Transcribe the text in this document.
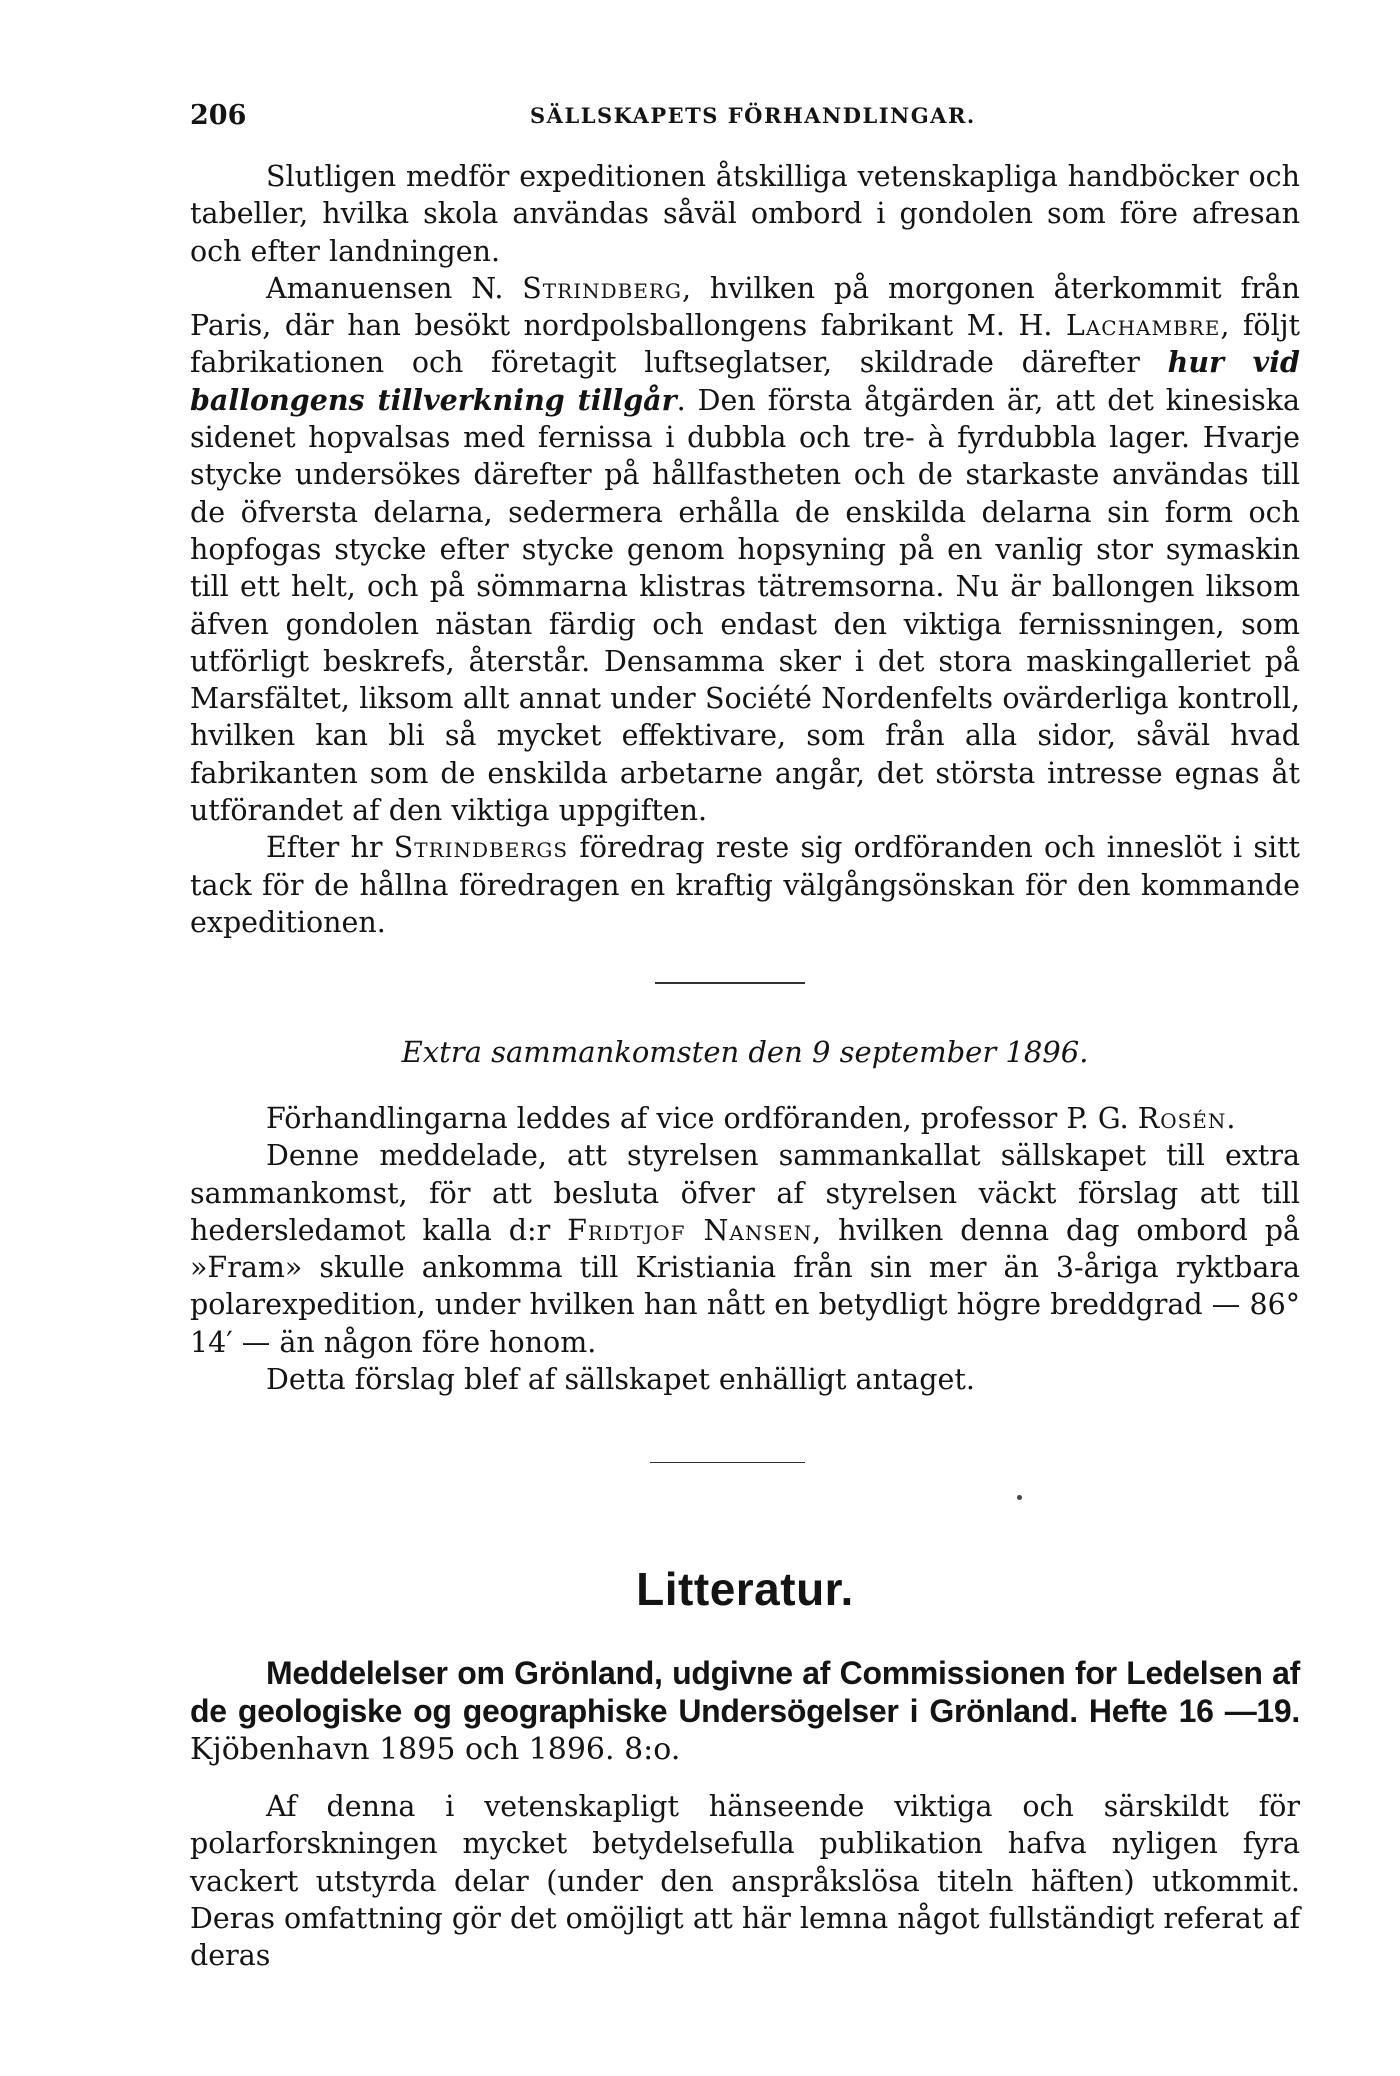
206	SÄLLSKAPETS FÖRHANDLINGAR.

Slutligen medför expeditionen åtskilliga vetenskapliga handböcker och tabeller, hvilka skola användas såväl ombord i gondolen som före afresan och efter landningen.

Amanuensen N. Strindberg, hvilken på morgonen återkommit från Paris, där han besökt nordpolsballongens fabrikant M. H. Lachambre, följt fabrikationen och företagit luftseglatser, skildrade därefter hur vid ballongens tillverkning tillgår. Den första åtgärden är, att det kinesiska sidenet hopvalsas med fernissa i dubbla och tre- à fyrdubbla lager. Hvarje stycke undersökes därefter på hållfastheten och de starkaste användas till de öfversta delarna, sedermera erhålla de enskilda delarna sin form och hopfogas stycke efter stycke genom hopsyning på en vanlig stor symaskin till ett helt, och på sömmarna klistras tätremsorna. Nu är ballongen liksom äfven gondolen nästan färdig och endast den viktiga fernissningen, som utförligt beskrefs, återstår. Densamma sker i det stora maskingalleriet på Marsfältet, liksom allt annat under Société Nordenfelts ovärderliga kontroll, hvilken kan bli så mycket effektivare, som från alla sidor, såväl hvad fabrikanten som de enskilda arbetarne angår, det största intresse egnas åt utförandet af den viktiga uppgiften.

Efter hr Strindbergs föredrag reste sig ordföranden och inneslöt i sitt tack för de hållna föredragen en kraftig välgångsönskan för den kommande expeditionen.

Extra sammankomsten den 9 september 1896.

Förhandlingarna leddes af vice ordföranden, professor P. G. Rosén.

Denne meddelade, att styrelsen sammankallat sällskapet till extra sammankomst, för att besluta öfver af styrelsen väckt förslag att till hedersledamot kalla d:r Fridtjof Nansen, hvilken denna dag ombord på »Fram» skulle ankomma till Kristiania från sin mer än 3-åriga ryktbara polarexpedition, under hvilken han nått en betydligt högre breddgrad — 86° 14′ — än någon före honom.

Detta förslag blef af sällskapet enhälligt antaget.

Litteratur.

Meddelelser om Grönland, udgivne af Commissionen for Ledelsen af de geologiske og geographiske Undersögelser i Grönland. Hefte 16 —19. Kjöbenhavn 1895 och 1896. 8:o.

Af denna i vetenskapligt hänseende viktiga och särskildt för polarforskningen mycket betydelsefulla publikation hafva nyligen fyra vackert utstyrda delar (under den anspråkslösa titeln häften) utkommit. Deras omfattning gör det omöjligt att här lemna något fullständigt referat af deras
